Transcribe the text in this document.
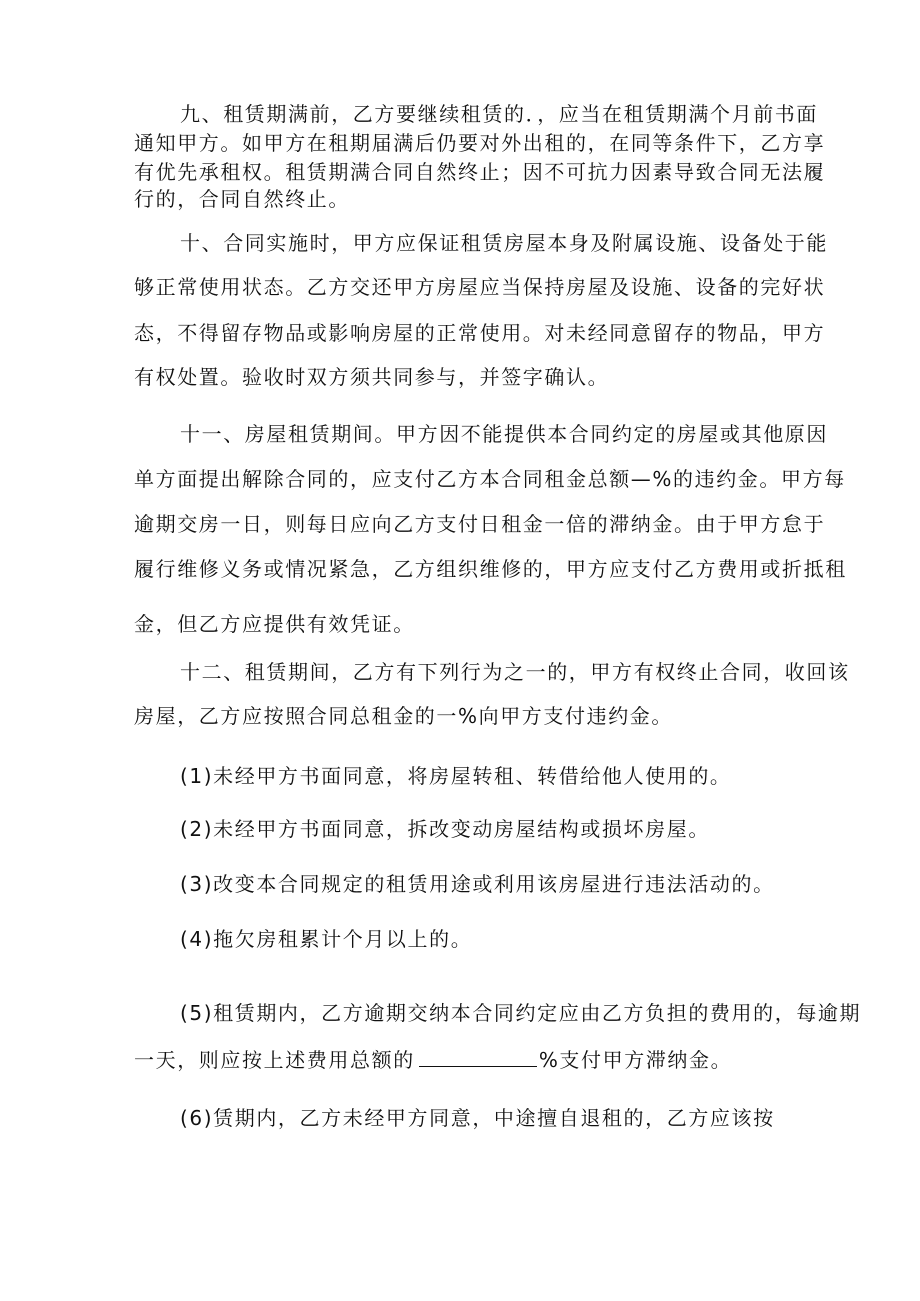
九、租赁期满前，乙方要继续租赁的．，应当在租赁期满个月前书面
通知甲方。如甲方在租期届满后仍要对外出租的，在同等条件下，乙方享
有优先承租权。租赁期满合同自然终止；因不可抗力因素导致合同无法履
行的，合同自然终止。
十、合同实施时，甲方应保证租赁房屋本身及附属设施、设备处于能
够正常使用状态。乙方交还甲方房屋应当保持房屋及设施、设备的完好状
态，不得留存物品或影响房屋的正常使用。对未经同意留存的物品，甲方
有权处置。验收时双方须共同参与，并签字确认。
十一、房屋租赁期间。甲方因不能提供本合同约定的房屋或其他原因
单方面提出解除合同的，应支付乙方本合同租金总额—%的违约金。甲方每
逾期交房一日，则每日应向乙方支付日租金一倍的滞纳金。由于甲方怠于
履行维修义务或情况紧急，乙方组织维修的，甲方应支付乙方费用或折抵租
金，但乙方应提供有效凭证。
十二、租赁期间，乙方有下列行为之一的，甲方有权终止合同，收回该
房屋，乙方应按照合同总租金的一%向甲方支付违约金。
(1)未经甲方书面同意，将房屋转租、转借给他人使用的。
(2)未经甲方书面同意，拆改变动房屋结构或损坏房屋。
(3)改变本合同规定的租赁用途或利用该房屋进行违法活动的。
(4)拖欠房租累计个月以上的。
(5)租赁期内，乙方逾期交纳本合同约定应由乙方负担的费用的，每逾期
一天，则应按上述费用总额的	%支付甲方滞纳金。
(6)赁期内，乙方未经甲方同意，中途擅自退租的，乙方应该按
